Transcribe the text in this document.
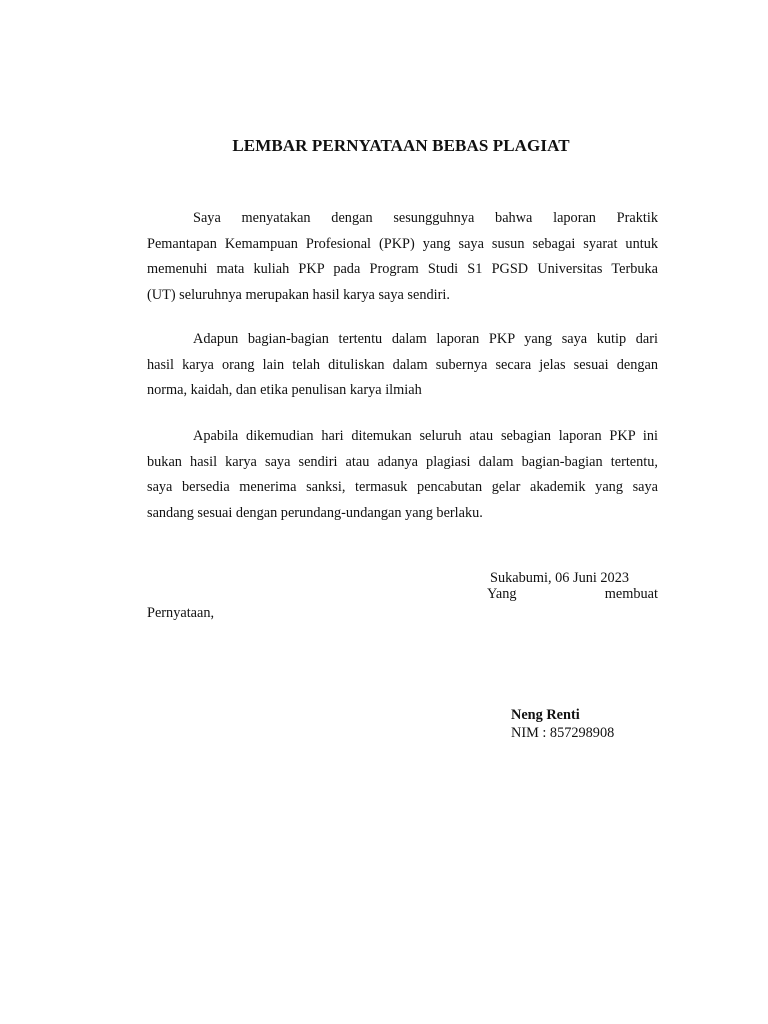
LEMBAR PERNYATAAN BEBAS PLAGIAT
Saya menyatakan dengan sesungguhnya bahwa laporan Praktik
Pemantapan Kemampuan Profesional (PKP) yang saya susun sebagai syarat untuk
memenuhi mata kuliah PKP pada Program Studi S1 PGSD Universitas Terbuka
(UT) seluruhnya merupakan hasil karya saya sendiri.
Adapun bagian-bagian tertentu dalam laporan PKP yang saya kutip dari
hasil karya orang lain telah dituliskan dalam subernya secara jelas sesuai dengan
norma, kaidah, dan etika penulisan karya ilmiah
Apabila dikemudian hari ditemukan seluruh atau sebagian laporan PKP ini
bukan hasil karya saya sendiri atau adanya plagiasi dalam bagian-bagian tertentu,
saya bersedia menerima sanksi, termasuk pencabutan gelar akademik yang saya
sandang sesuai dengan perundang-undangan yang berlaku.
Sukabumi, 06 Juni 2023
Yang	membuat
Pernyataan,
Neng Renti
NIM : 857298908
